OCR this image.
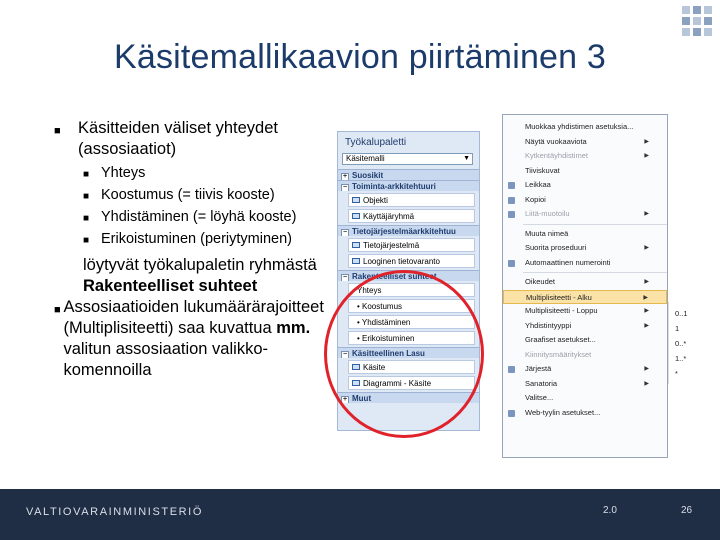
Käsitemallikaavion piirtäminen 3
■	Käsitteiden väliset yhteydet (assosiaatiot)
■ Yhteys
■ Koostumus (= tiivis kooste)
■ Yhdistäminen (= löyhä kooste)
■ Erikoistuminen (periytyminen)
löytyvät työkalupaletin ryhmästä Rakenteelliset suhteet
■ Assosiaatioiden lukumäärärajoitteet (Multiplisiteetti) saa kuvattua mm. valitun assosiaation valikko- komennoilla
Työkalupaletti
Käsitemalli	▼
+ Suosikit
− Toiminta-arkkitehtuuri
Objekti
Käyttäjäryhmä
− Tietojärjestelmäarkkitehtuu
Tietojärjestelmä
Looginen tietovaranto
− Rakenteelliset suhteet
Yhteys
• Koostumus
• Yhdistäminen
• Erikoistuminen
− Käsitteellinen Lasu
Käsite
Diagrammi - Käsite
+ Muut
Muokkaa yhdistimen asetuksia...
Näytä vuokaaviota	▶
Kytkentäyhdistimet	▶
Tiiviskuvat
Leikkaa
Kopioi
Liitä-muotoilu	▶
Muuta nimeä
Suorita proseduuri	▶
Automaattinen numerointi
Oikeudet	▶
Multiplisiteetti - Alku	▶
Multiplisiteetti - Loppu	▶
Yhdistintyyppi	▶
Graafiset asetukset...
Kiinnitysmääritykset
Järjestä	▶
Sanatoria	▶
Valitse...
Web-tyylin asetukset...
0..1
1
0..*
1..*
*
VALTIOVARAINMINISTERIÖ	2.0	26
